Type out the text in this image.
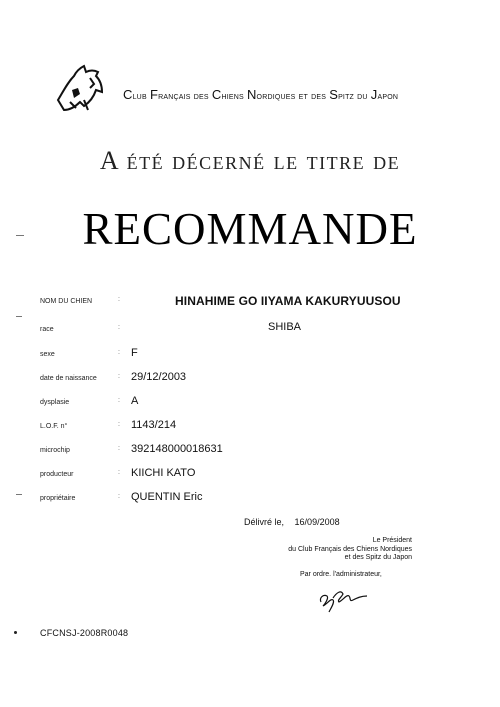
Club Français des Chiens Nordiques et des Spitz du Japon
A été décerné le titre de
RECOMMANDE
NOM DU CHIEN	:	HINAHIME GO IIYAMA KAKURYUUSOU
race	:	SHIBA
sexe	: F
date de naissance	: 29/12/2003
dysplasie	: A
L.O.F. n°	: 1143/214
microchip	: 392148000018631
producteur	: KIICHI KATO
propriétaire	: QUENTIN Eric
Délivré le, 16/09/2008
Le Président
du Club Français des Chiens Nordiques
et des Spitz du Japon
Par ordre. l'administrateur,
CFCNSJ-2008R0048
